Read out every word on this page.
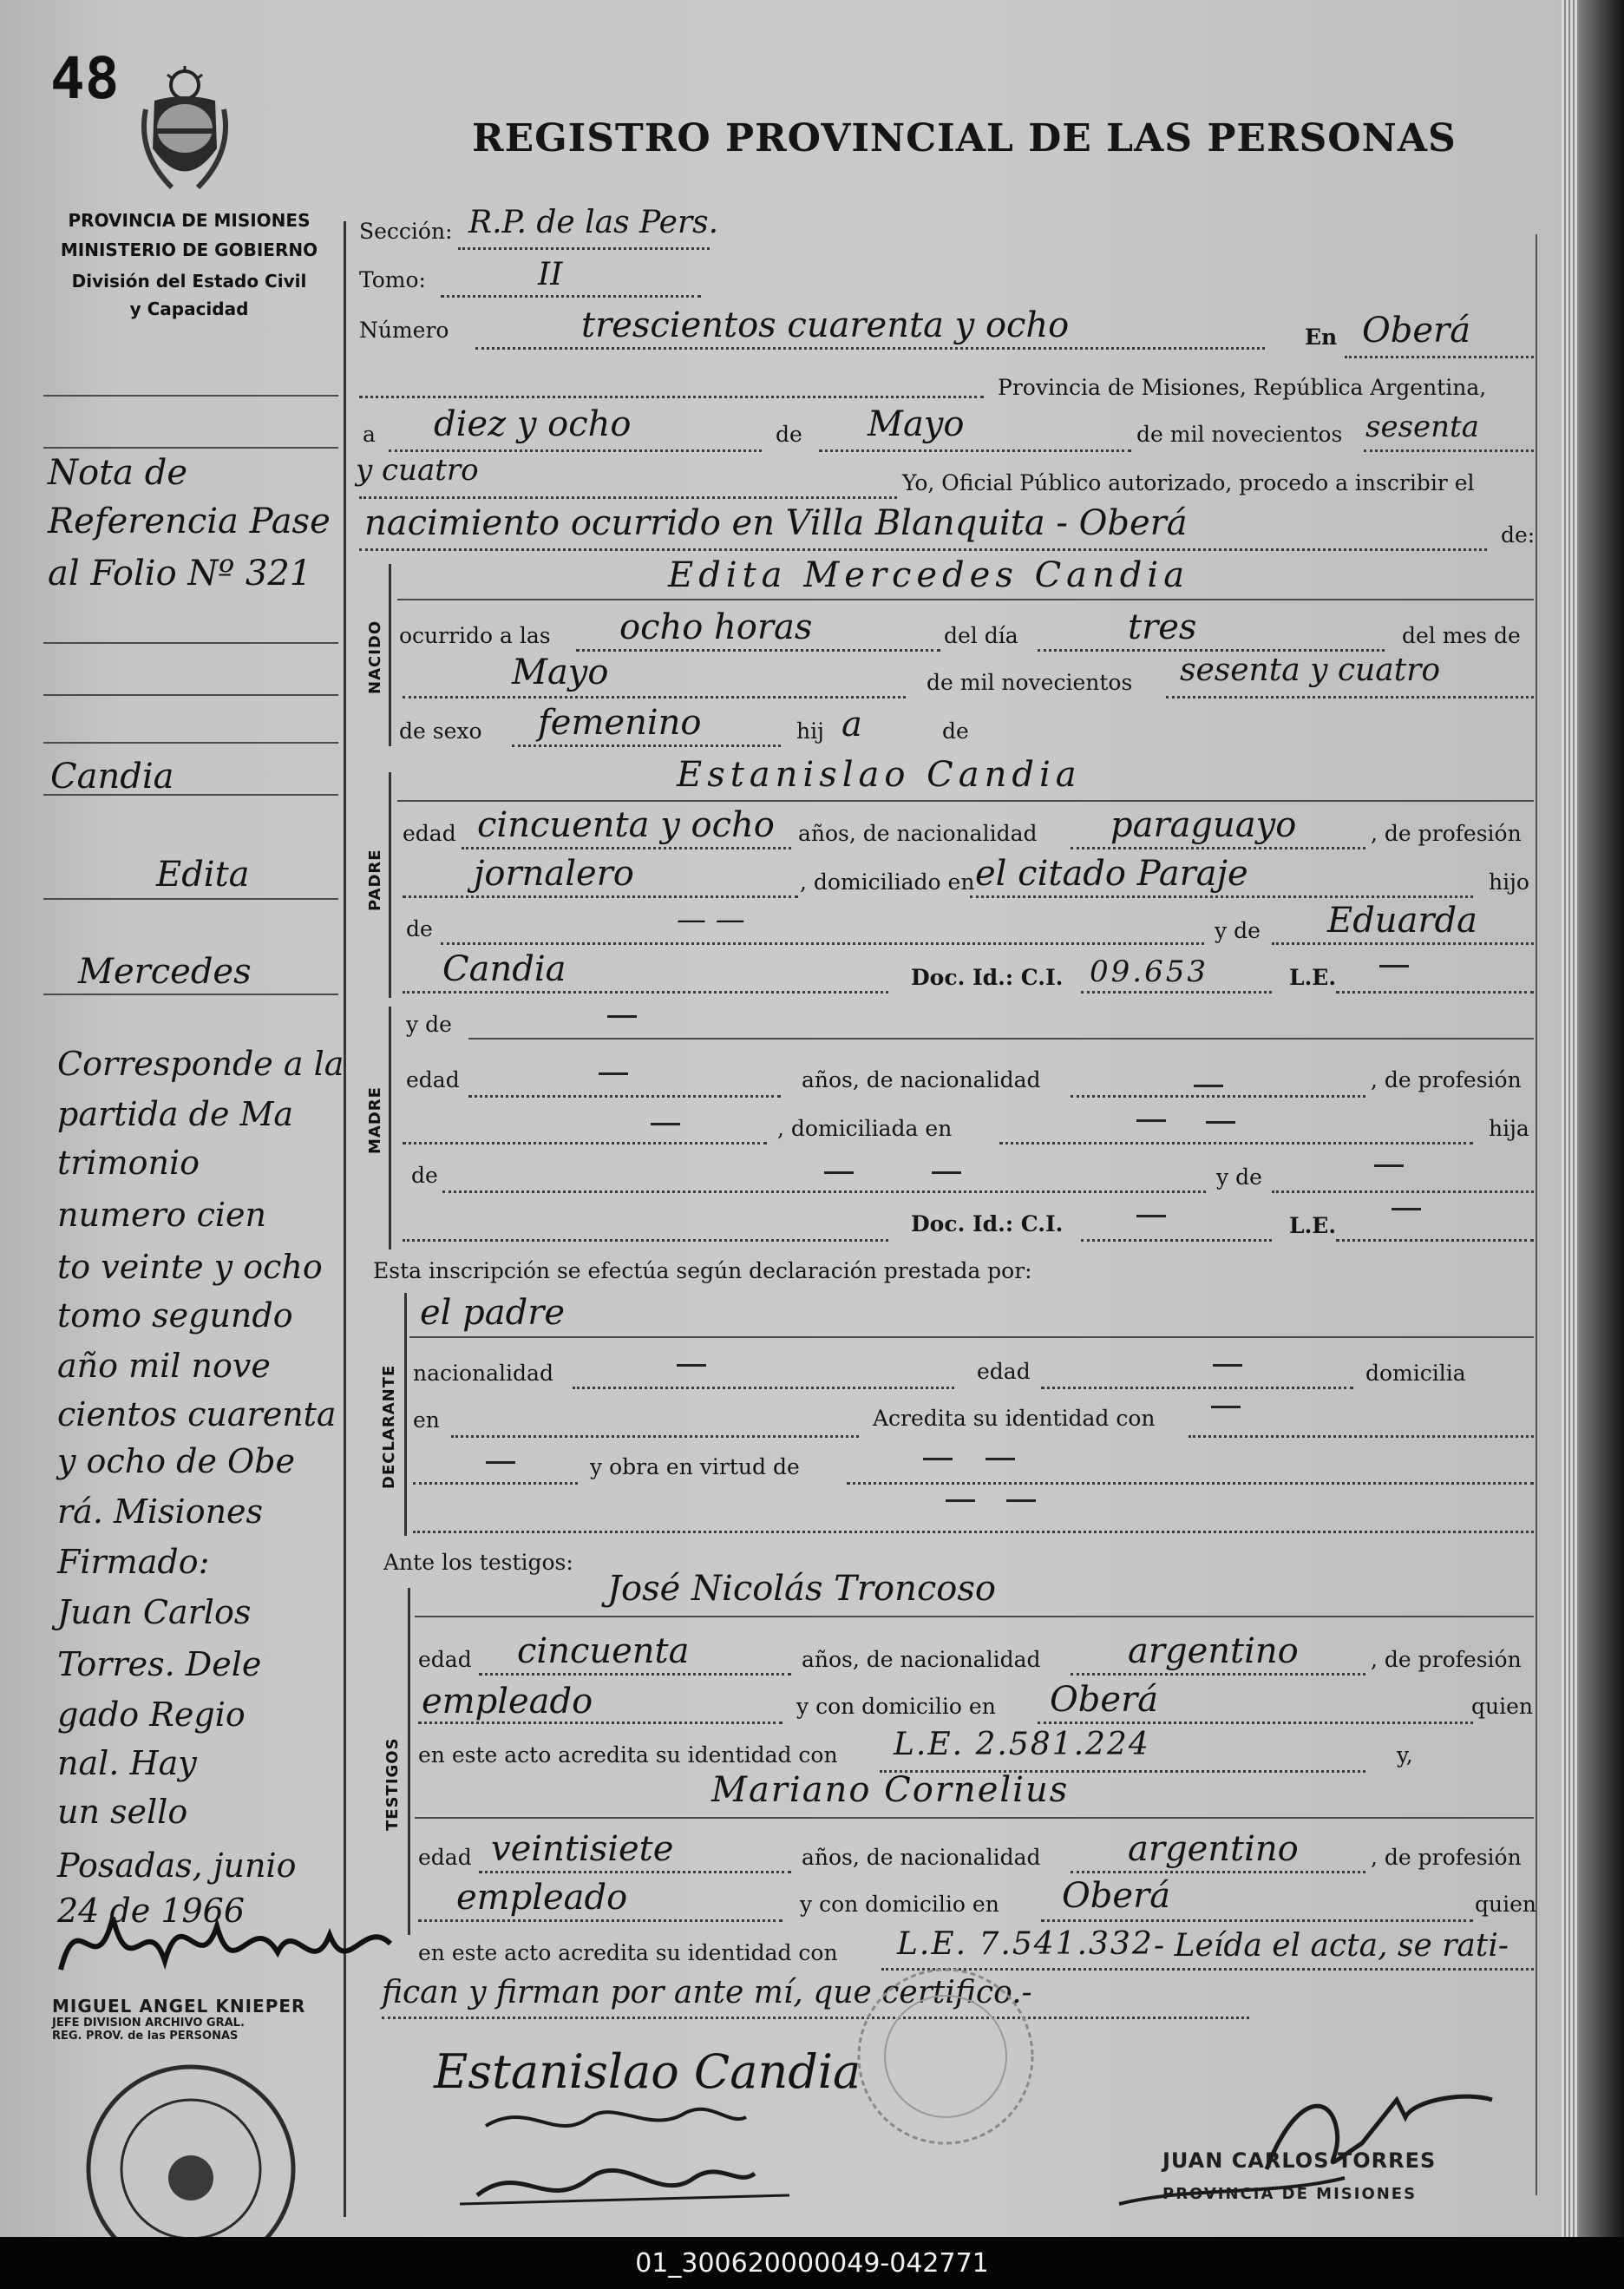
48
REGISTRO PROVINCIAL DE LAS PERSONAS
PROVINCIA DE MISIONES
MINISTERIO DE GOBIERNO
División del Estado Civil
y Capacidad
Nota de
Referencia Pase
al Folio Nº 321
Candia
Edita
Mercedes
Corresponde a la
partida de Ma
trimonio
numero cien
to veinte y ocho
tomo segundo
año mil nove
cientos cuarenta
y ocho de Obe
rá. Misiones
Firmado:
Juan Carlos
Torres. Dele
gado Regio
nal. Hay
un sello
Posadas, junio
24 de 1966
Sección: R.P. de las Pers.
Tomo:	II
Número	trescientos cuarenta y ocho	En Oberá
Provincia de Misiones, República Argentina,
a diez y ocho	de Mayo	de mil novecientos sesenta
y cuatro	Yo, Oficial Público autorizado, procedo a inscribir el
nacimiento ocurrido en Villa Blanquita - Oberá	de:
NACIDO
Edita Mercedes Candia
ocurrido a las ocho horas	del día	tres	del mes de
Mayo	de mil novecientos sesenta y cuatro
de sexo femenino	hij a	de
PADRE
Estanislao Candia
edad cincuenta y ocho años, de nacionalidad paraguayo	, de profesión
jornalero	, domiciliado en el citado Paraje	hijo
de	— —	y de Eduarda
Candia	Doc. Id.: C.I. 09.653	L.E.
MADRE
y de
edad	años, de nacionalidad	, de profesión
, domiciliada en	hija
de	y de
Doc. Id.: C.I.	L.E.
Esta inscripción se efectúa según declaración prestada por:
DECLARANTE
el padre
nacionalidad	edad	domicilia
en	Acredita su identidad con
y obra en virtud de
Ante los testigos:
TESTIGOS
José Nicolás Troncoso
edad cincuenta	años, de nacionalidad	argentino	, de profesión
empleado	y con domicilio en Oberá	quien
en este acto acredita su identidad con L.E. 2.581.224	y,
Mariano Cornelius
edad veintisiete	años, de nacionalidad	argentino	, de profesión
empleado	y con domicilio en Oberá	quien
en este acto acredita su identidad con L.E. 7.541.332 - Leída el acta, se rati-
fican y firman por ante mí, que certifico.-
Estanislao Candia
MIGUEL ANGEL KNIEPER
JEFE DIVISION ARCHIVO GRAL.
REG. PROV. de las PERSONAS
JUAN CARLOS TORRES
PROVINCIA DE MISIONES
01_300620000049-042771
